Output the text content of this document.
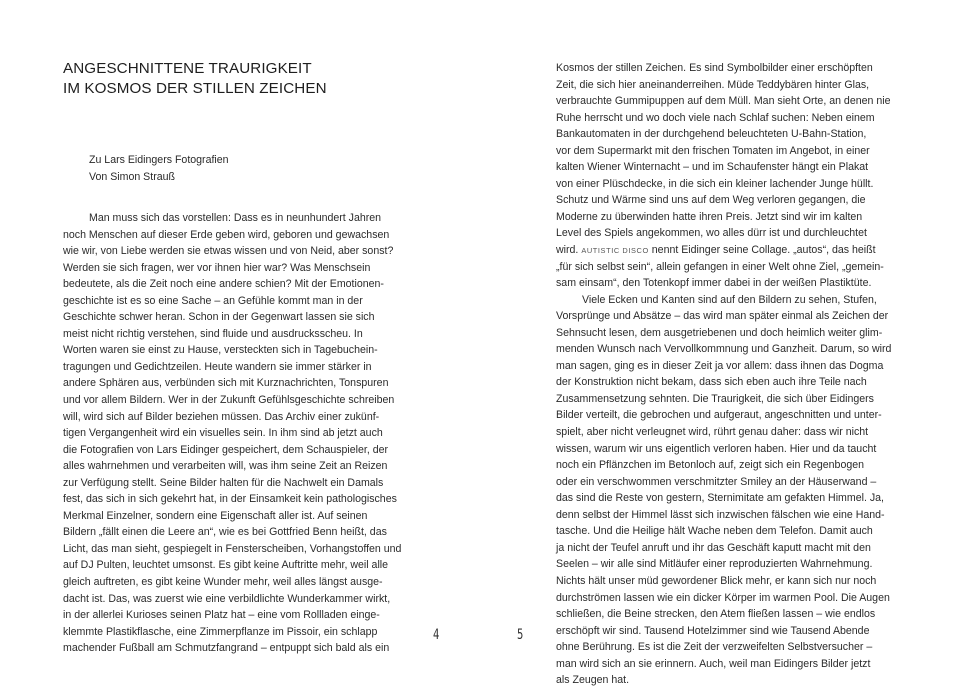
ANGESCHNITTENE TRAURIGKEIT
IM KOSMOS DER STILLEN ZEICHEN
Zu Lars Eidingers Fotografien
Von Simon Strauß
Man muss sich das vorstellen: Dass es in neunhundert Jahren
noch Menschen auf dieser Erde geben wird, geboren und gewachsen
wie wir, von Liebe werden sie etwas wissen und von Neid, aber sonst?
Werden sie sich fragen, wer vor ihnen hier war? Was Menschsein
bedeutete, als die Zeit noch eine andere schien? Mit der Emotionen-
geschichte ist es so eine Sache – an Gefühle kommt man in der
Geschichte schwer heran. Schon in der Gegenwart lassen sie sich
meist nicht richtig verstehen, sind fluide und ausdrucksscheu. In
Worten waren sie einst zu Hause, versteckten sich in Tagebuchein-
tragungen und Gedichtzeilen. Heute wandern sie immer stärker in
andere Sphären aus, verbünden sich mit Kurznachrichten, Tonspuren
und vor allem Bildern. Wer in der Zukunft Gefühlsgeschichte schreiben
will, wird sich auf Bilder beziehen müssen. Das Archiv einer zukünf-
tigen Vergangenheit wird ein visuelles sein. In ihm sind ab jetzt auch
die Fotografien von Lars Eidinger gespeichert, dem Schauspieler, der
alles wahrnehmen und verarbeiten will, was ihm seine Zeit an Reizen
zur Verfügung stellt. Seine Bilder halten für die Nachwelt ein Damals
fest, das sich in sich gekehrt hat, in der Einsamkeit kein pathologisches
Merkmal Einzelner, sondern eine Eigenschaft aller ist. Auf seinen
Bildern „fällt einen die Leere an“, wie es bei Gottfried Benn heißt, das
Licht, das man sieht, gespiegelt in Fensterscheiben, Vorhangstoffen und
auf DJ Pulten, leuchtet umsonst. Es gibt keine Auftritte mehr, weil alle
gleich auftreten, es gibt keine Wunder mehr, weil alles längst ausge-
dacht ist. Das, was zuerst wie eine verbildlichte Wunderkammer wirkt,
in der allerlei Kurioses seinen Platz hat – eine vom Rollladen einge-
klemmte Plastikflasche, eine Zimmerpflanze im Pissoir, ein schlapp
machender Fußball am Schmutzfangrand – entpuppt sich bald als ein
4
Kosmos der stillen Zeichen. Es sind Symbolbilder einer erschöpften
Zeit, die sich hier aneinanderreihen. Müde Teddybären hinter Glas,
verbrauchte Gummipuppen auf dem Müll. Man sieht Orte, an denen nie
Ruhe herrscht und wo doch viele nach Schlaf suchen: Neben einem
Bankautomaten in der durchgehend beleuchteten U-Bahn-Station,
vor dem Supermarkt mit den frischen Tomaten im Angebot, in einer
kalten Wiener Winternacht – und im Schaufenster hängt ein Plakat
von einer Plüschdecke, in die sich ein kleiner lachender Junge hüllt.
Schutz und Wärme sind uns auf dem Weg verloren gegangen, die
Moderne zu überwinden hatte ihren Preis. Jetzt sind wir im kalten
Level des Spiels angekommen, wo alles dürr ist und durchleuchtet
wird. AUTISTIC DISCO nennt Eidinger seine Collage. „autos“, das heißt
„für sich selbst sein“, allein gefangen in einer Welt ohne Ziel, „gemein-
sam einsam“, den Totenkopf immer dabei in der weißen Plastiktüte.
Viele Ecken und Kanten sind auf den Bildern zu sehen, Stufen,
Vorsprünge und Absätze – das wird man später einmal als Zeichen der
Sehnsucht lesen, dem ausgetriebenen und doch heimlich weiter glim-
menden Wunsch nach Vervollkommnung und Ganzheit. Darum, so wird
man sagen, ging es in dieser Zeit ja vor allem: dass ihnen das Dogma
der Konstruktion nicht bekam, dass sich eben auch ihre Teile nach
Zusammensetzung sehnten. Die Traurigkeit, die sich über Eidingers
Bilder verteilt, die gebrochen und aufgeraut, angeschnitten und unter-
spielt, aber nicht verleugnet wird, rührt genau daher: dass wir nicht
wissen, warum wir uns eigentlich verloren haben. Hier und da taucht
noch ein Pflänzchen im Betonloch auf, zeigt sich ein Regenbogen
oder ein verschwommen verschmitzter Smiley an der Häuserwand –
das sind die Reste von gestern, Sternimitate am gefakten Himmel. Ja,
denn selbst der Himmel lässt sich inzwischen fälschen wie eine Hand-
tasche. Und die Heilige hält Wache neben dem Telefon. Damit auch
ja nicht der Teufel anruft und ihr das Geschäft kaputt macht mit den
Seelen – wir alle sind Mitläufer einer reproduzierten Wahrnehmung.
Nichts hält unser müd gewordener Blick mehr, er kann sich nur noch
durchströmen lassen wie ein dicker Körper im warmen Pool. Die Augen
schließen, die Beine strecken, den Atem fließen lassen – wie endlos
erschöpft wir sind. Tausend Hotelzimmer sind wie Tausend Abende
ohne Berührung. Es ist die Zeit der verzweifelten Selbstversucher –
man wird sich an sie erinnern. Auch, weil man Eidingers Bilder jetzt
als Zeugen hat.
5
